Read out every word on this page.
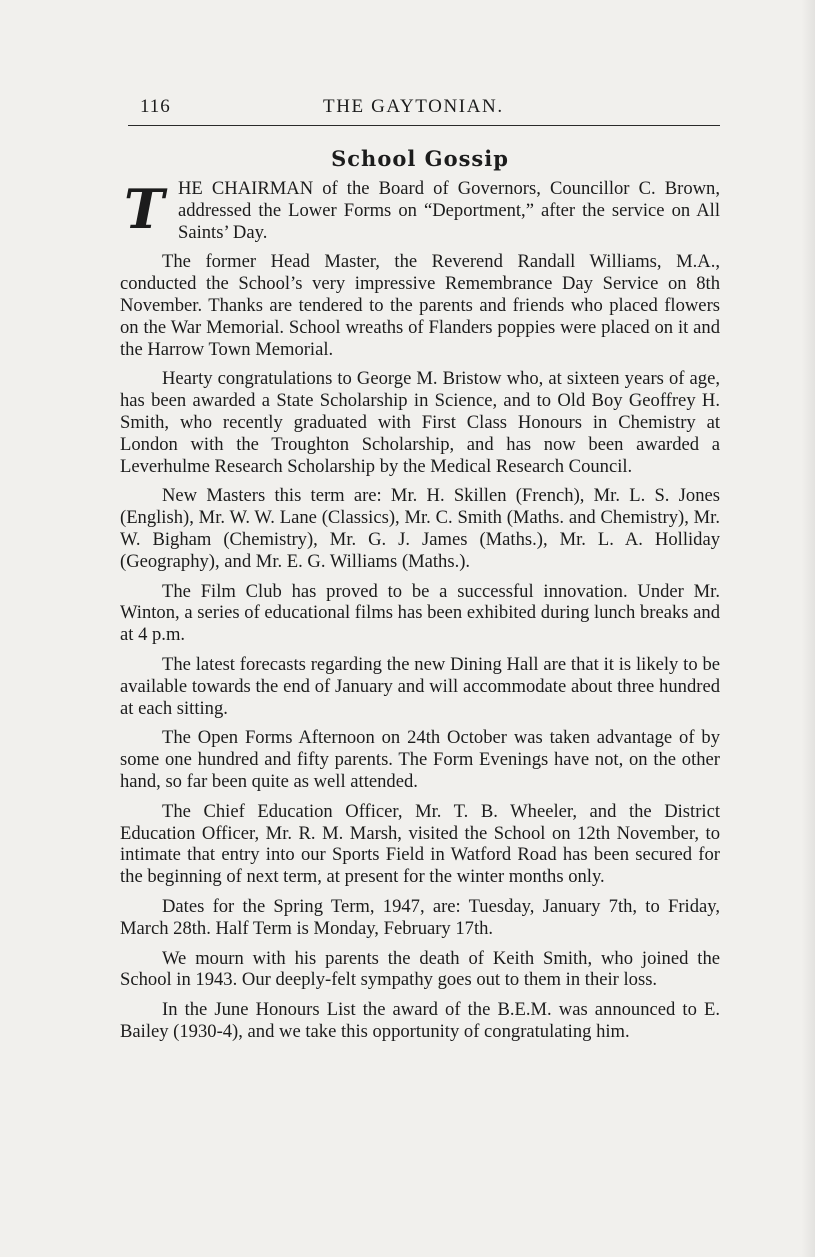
116	THE GAYTONIAN.
School Gossip

T HE CHAIRMAN of the Board of Governors, Councillor C. Brown, addressed the Lower Forms on “Deportment,” after the service on All Saints’ Day.

The former Head Master, the Reverend Randall Williams, M.A., conducted the School’s very impressive Remembrance Day Service on 8th November. Thanks are tendered to the parents and friends who placed flowers on the War Memorial. School wreaths of Flanders poppies were placed on it and the Harrow Town Memorial.

Hearty congratulations to George M. Bristow who, at sixteen years of age, has been awarded a State Scholarship in Science, and to Old Boy Geoffrey H. Smith, who recently graduated with First Class Honours in Chemistry at London with the Troughton Scholarship, and has now been awarded a Leverhulme Research Scholarship by the Medical Research Council.

New Masters this term are: Mr. H. Skillen (French), Mr. L. S. Jones (English), Mr. W. W. Lane (Classics), Mr. C. Smith (Maths. and Chemistry), Mr. W. Bigham (Chemistry), Mr. G. J. James (Maths.), Mr. L. A. Holliday (Geography), and Mr. E. G. Williams (Maths.).

The Film Club has proved to be a successful innovation. Under Mr. Winton, a series of educational films has been exhibited during lunch breaks and at 4 p.m.

The latest forecasts regarding the new Dining Hall are that it is likely to be available towards the end of January and will accommodate about three hundred at each sitting.

The Open Forms Afternoon on 24th October was taken advantage of by some one hundred and fifty parents. The Form Evenings have not, on the other hand, so far been quite as well attended.

The Chief Education Officer, Mr. T. B. Wheeler, and the District Education Officer, Mr. R. M. Marsh, visited the School on 12th November, to intimate that entry into our Sports Field in Watford Road has been secured for the beginning of next term, at present for the winter months only.

Dates for the Spring Term, 1947, are: Tuesday, January 7th, to Friday, March 28th. Half Term is Monday, February 17th.

We mourn with his parents the death of Keith Smith, who joined the School in 1943. Our deeply-felt sympathy goes out to them in their loss.

In the June Honours List the award of the B.E.M. was announced to E. Bailey (1930-4), and we take this opportunity of congratulating him.
